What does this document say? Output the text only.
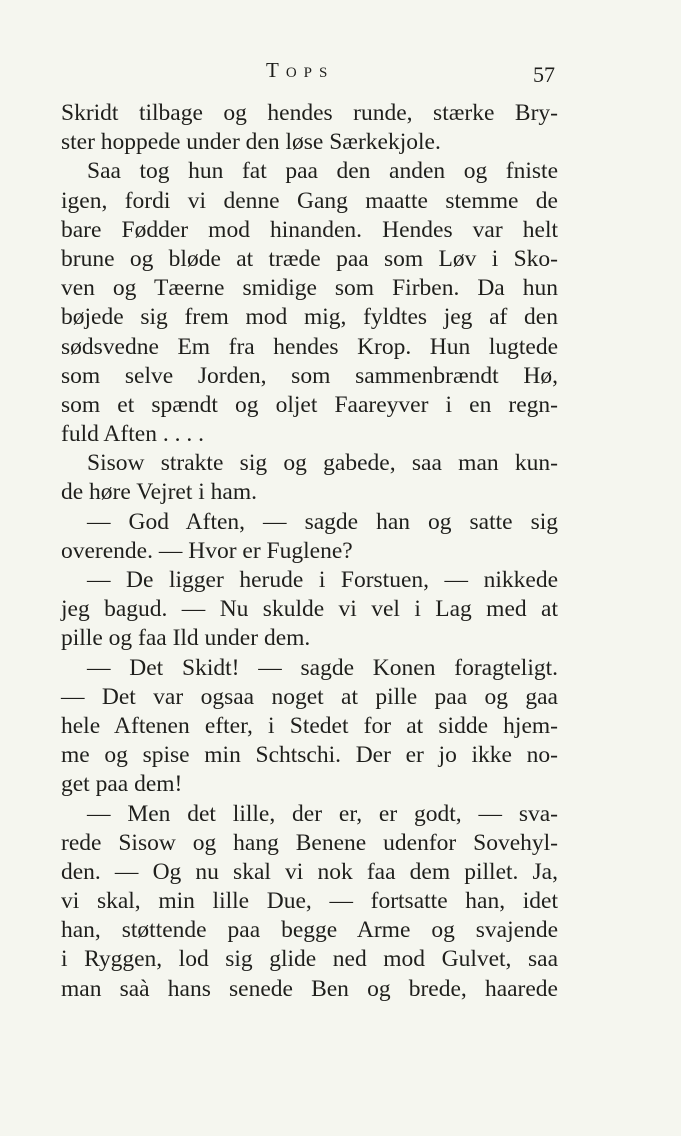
Tops	57
Skridt tilbage og hendes runde, stærke Bry-
ster hoppede under den løse Særkekjole.
Saa tog hun fat paa den anden og fniste
igen, fordi vi denne Gang maatte stemme de
bare Fødder mod hinanden. Hendes var helt
brune og bløde at træde paa som Løv i Sko-
ven og Tæerne smidige som Firben. Da hun
bøjede sig frem mod mig, fyldtes jeg af den
sødsvedne Em fra hendes Krop. Hun lugtede
som selve Jorden, som sammenbrændt Hø,
som et spændt og oljet Faareyver i en regn-
fuld Aften . . . .
Sisow strakte sig og gabede, saa man kun-
de høre Vejret i ham.
— God Aften, — sagde han og satte sig
overende. — Hvor er Fuglene?
— De ligger herude i Forstuen, — nikkede
jeg bagud. — Nu skulde vi vel i Lag med at
pille og faa Ild under dem.
— Det Skidt! — sagde Konen foragteligt.
— Det var ogsaa noget at pille paa og gaa
hele Aftenen efter, i Stedet for at sidde hjem-
me og spise min Schtschi. Der er jo ikke no-
get paa dem!
— Men det lille, der er, er godt, — sva-
rede Sisow og hang Benene udenfor Sovehyl-
den. — Og nu skal vi nok faa dem pillet. Ja,
vi skal, min lille Due, — fortsatte han, idet
han, støttende paa begge Arme og svajende
i Ryggen, lod sig glide ned mod Gulvet, saa
man saà hans senede Ben og brede, haarede
